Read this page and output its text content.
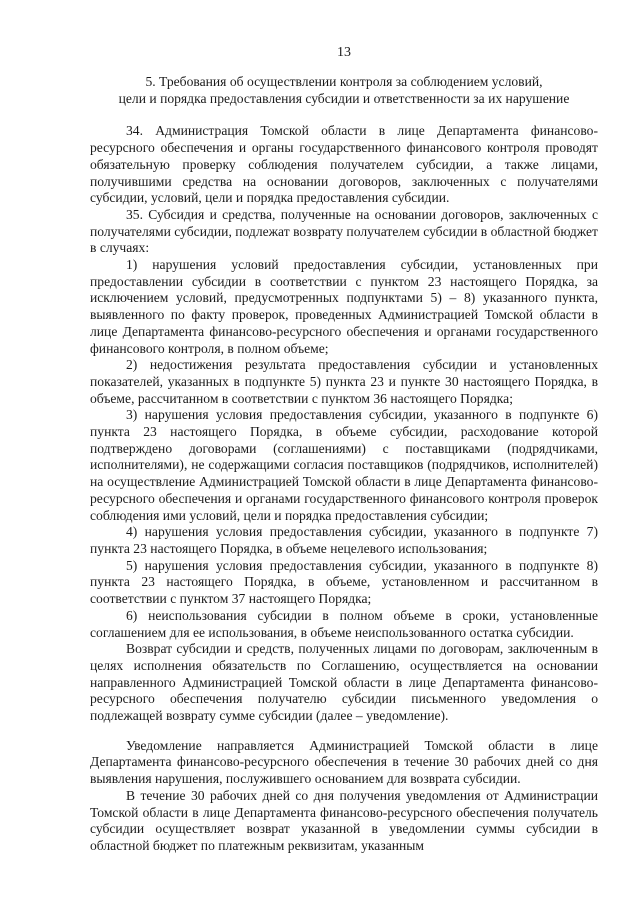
13
5. Требования об осуществлении контроля за соблюдением условий,
цели и порядка предоставления субсидии и ответственности за их нарушение

34. Администрация Томской области в лице Департамента финансово-ресурсного обеспечения и органы государственного финансового контроля проводят обязательную проверку соблюдения получателем субсидии, а также лицами, получившими средства на основании договоров, заключенных с получателями субсидии, условий, цели и порядка предоставления субсидии.

35. Субсидия и средства, полученные на основании договоров, заключенных с получателями субсидии, подлежат возврату получателем субсидии в областной бюджет в случаях:

1) нарушения условий предоставления субсидии, установленных при предоставлении субсидии в соответствии с пунктом 23 настоящего Порядка, за исключением условий, предусмотренных подпунктами 5) – 8) указанного пункта, выявленного по факту проверок, проведенных Администрацией Томской области в лице Департамента финансово-ресурсного обеспечения и органами государственного финансового контроля, в полном объеме;

2) недостижения результата предоставления субсидии и установленных показателей, указанных в подпункте 5) пункта 23 и пункте 30 настоящего Порядка, в объеме, рассчитанном в соответствии с пунктом 36 настоящего Порядка;

3) нарушения условия предоставления субсидии, указанного в подпункте 6) пункта 23 настоящего Порядка, в объеме субсидии, расходование которой подтверждено договорами (соглашениями) с поставщиками (подрядчиками, исполнителями), не содержащими согласия поставщиков (подрядчиков, исполнителей) на осуществление Администрацией Томской области в лице Департамента финансово-ресурсного обеспечения и органами государственного финансового контроля проверок соблюдения ими условий, цели и порядка предоставления субсидии;

4) нарушения условия предоставления субсидии, указанного в подпункте 7) пункта 23 настоящего Порядка, в объеме нецелевого использования;

5) нарушения условия предоставления субсидии, указанного в подпункте 8) пункта 23 настоящего Порядка, в объеме, установленном и рассчитанном в соответствии с пунктом 37 настоящего Порядка;

6) неиспользования субсидии в полном объеме в сроки, установленные соглашением для ее использования, в объеме неиспользованного остатка субсидии.

Возврат субсидии и средств, полученных лицами по договорам, заключенным в целях исполнения обязательств по Соглашению, осуществляется на основании направленного Администрацией Томской области в лице Департамента финансово-ресурсного обеспечения получателю субсидии письменного уведомления о подлежащей возврату сумме субсидии (далее – уведомление).

Уведомление направляется Администрацией Томской области в лице Департамента финансово-ресурсного обеспечения в течение 30 рабочих дней со дня выявления нарушения, послужившего основанием для возврата субсидии.

В течение 30 рабочих дней со дня получения уведомления от Администрации Томской области в лице Департамента финансово-ресурсного обеспечения получатель субсидии осуществляет возврат указанной в уведомлении суммы субсидии в областной бюджет по платежным реквизитам, указанным
